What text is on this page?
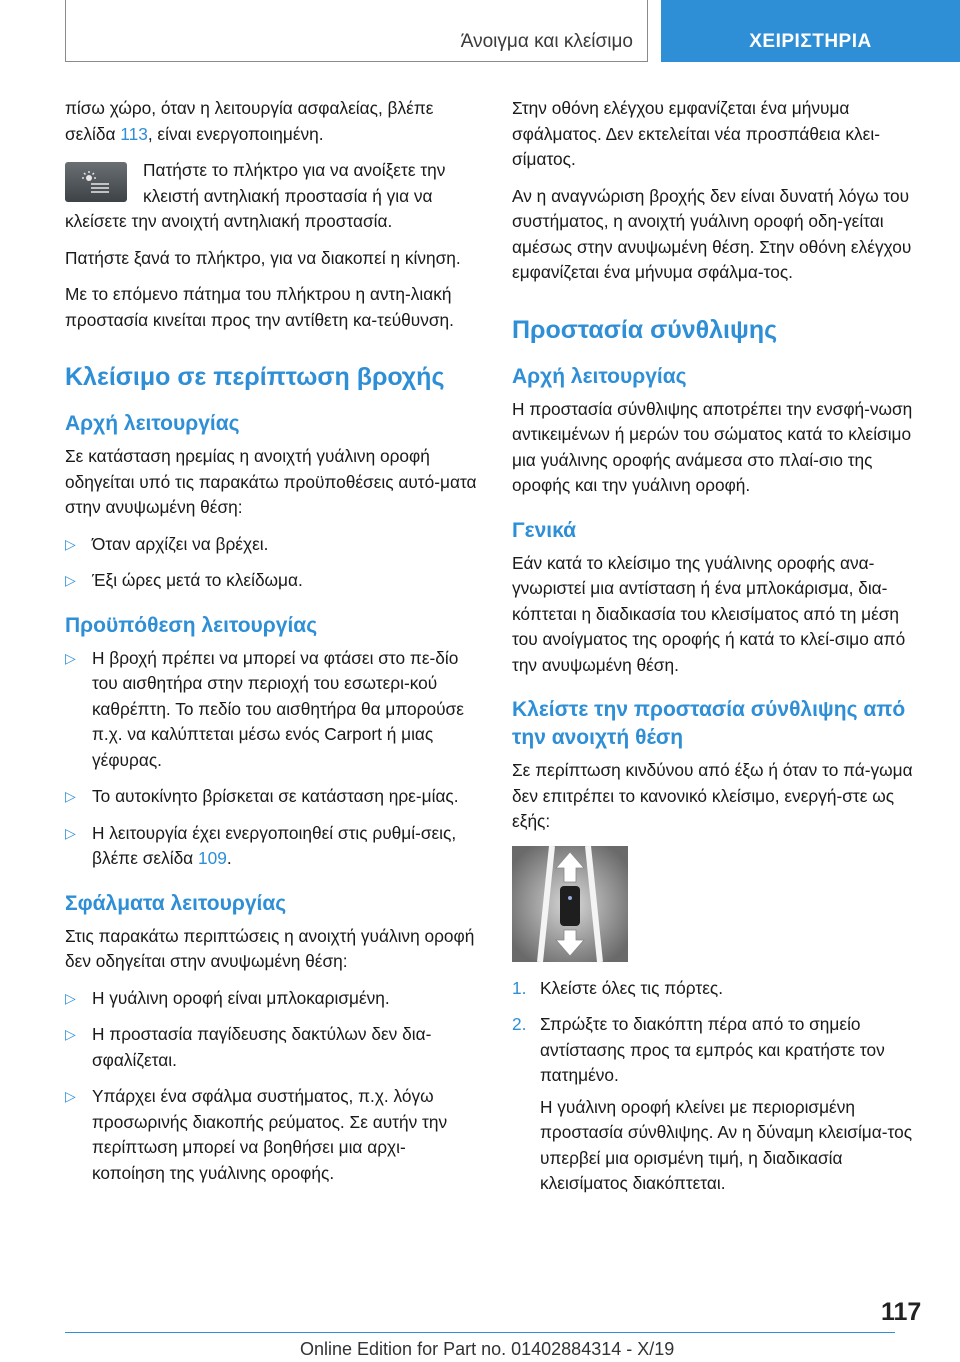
Άνοιγμα και κλείσιμο	ΧΕΙΡΙΣΤΗΡΙΑ

πίσω χώρο, όταν η λειτουργία ασφαλείας, βλέπε σελίδα 113, είναι ενεργοποιημένη.

Πατήστε το πλήκτρο για να ανοίξετε την κλειστή αντηλιακή προστασία ή για να κλείσετε την ανοιχτή αντηλιακή προστασία.

Πατήστε ξανά το πλήκτρο, για να διακοπεί η κίνηση.

Με το επόμενο πάτημα του πλήκτρου η αντη-λιακή προστασία κινείται προς την αντίθετη κα-τεύθυνση.

Κλείσιμο σε περίπτωση βροχής
Αρχή λειτουργίας

Σε κατάσταση ηρεμίας η ανοιχτή γυάλινη οροφή οδηγείται υπό τις παρακάτω προϋποθέσεις αυτό-ματα στην ανυψωμένη θέση:

▷ Όταν αρχίζει να βρέχει.
▷ Έξι ώρες μετά το κλείδωμα.
Προϋπόθεση λειτουργίας
▷ Η βροχή πρέπει να μπορεί να φτάσει στο πε-δίο του αισθητήρα στην περιοχή του εσωτερι-κού καθρέπτη. Το πεδίο του αισθητήρα θα μπορούσε π.χ. να καλύπτεται μέσω ενός Carport ή μιας γέφυρας.
▷ Το αυτοκίνητο βρίσκεται σε κατάσταση ηρε-μίας.
▷ Η λειτουργία έχει ενεργοποιηθεί στις ρυθμί-σεις, βλέπε σελίδα 109.
Σφάλματα λειτουργίας

Στις παρακάτω περιπτώσεις η ανοιχτή γυάλινη οροφή δεν οδηγείται στην ανυψωμένη θέση:

▷ Η γυάλινη οροφή είναι μπλοκαρισμένη.
▷ Η προστασία παγίδευσης δακτύλων δεν δια-σφαλίζεται.
▷ Υπάρχει ένα σφάλμα συστήματος, π.χ. λόγω προσωρινής διακοπής ρεύματος. Σε αυτήν την περίπτωση μπορεί να βοηθήσει μια αρχι-κοποίηση της γυάλινης οροφής.

Στην οθόνη ελέγχου εμφανίζεται ένα μήνυμα σφάλματος. Δεν εκτελείται νέα προσπάθεια κλει-σίματος.

Αν η αναγνώριση βροχής δεν είναι δυνατή λόγω του συστήματος, η ανοιχτή γυάλινη οροφή οδη-γείται αμέσως στην ανυψωμένη θέση. Στην οθόνη ελέγχου εμφανίζεται ένα μήνυμα σφάλμα-τος.

Προστασία σύνθλιψης
Αρχή λειτουργίας

Η προστασία σύνθλιψης αποτρέπει την ενσφή-νωση αντικειμένων ή μερών του σώματος κατά το κλείσιμο μια γυάλινης οροφής ανάμεσα στο πλαί-σιο της οροφής και την γυάλινη οροφή.

Γενικά

Εάν κατά το κλείσιμο της γυάλινης οροφής ανα-γνωριστεί μια αντίσταση ή ένα μπλοκάρισμα, δια-κόπτεται η διαδικασία του κλεισίματος από τη μέση του ανοίγματος της οροφής ή κατά το κλεί-σιμο από την ανυψωμένη θέση.

Κλείστε την προστασία σύνθλιψης από την ανοιχτή θέση

Σε περίπτωση κινδύνου από έξω ή όταν το πά-γωμα δεν επιτρέπει το κανονικό κλείσιμο, ενεργή-στε ως εξής:

1. Κλείστε όλες τις πόρτες.
2. Σπρώξτε το διακόπτη πέρα από το σημείο αντίστασης προς τα εμπρός και κρατήστε τον πατημένο.
Η γυάλινη οροφή κλείνει με περιορισμένη προστασία σύνθλιψης. Αν η δύναμη κλεισίμα-τος υπερβεί μια ορισμένη τιμή, η διαδικασία κλεισίματος διακόπτεται.
117
Online Edition for Part no. 01402884314 - X/19
